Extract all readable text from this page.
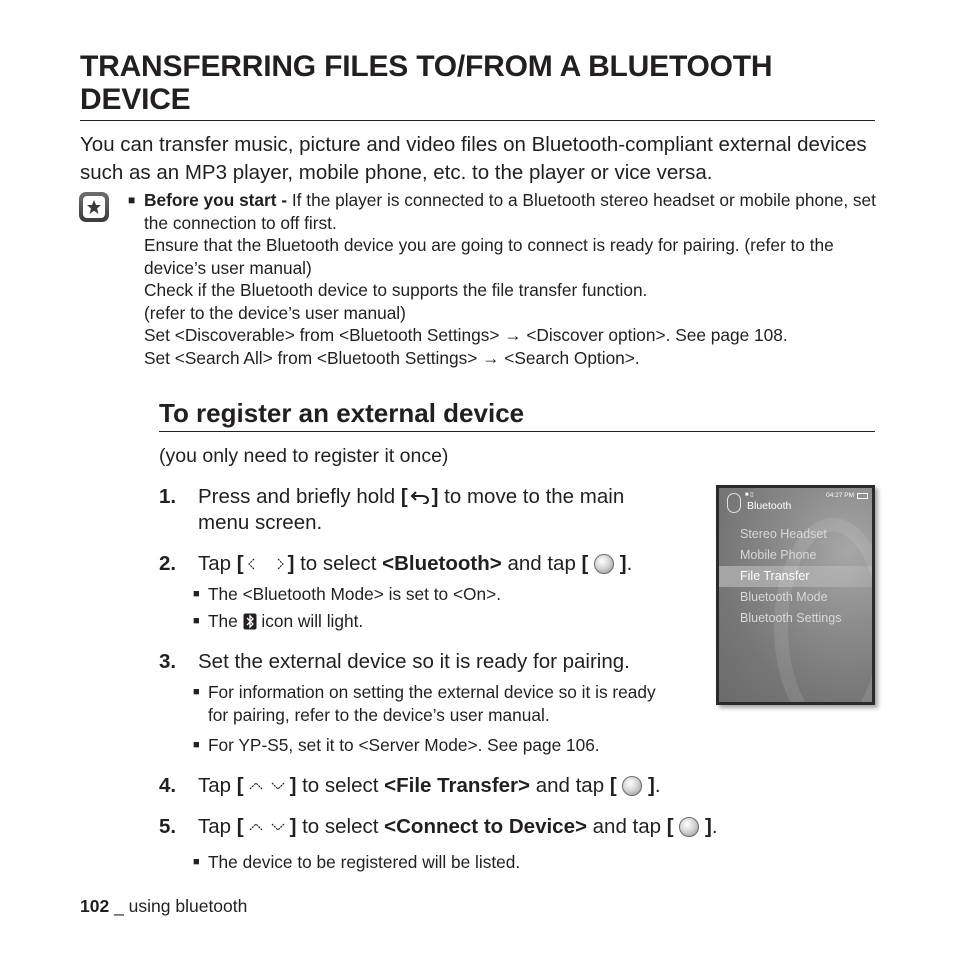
TRANSFERRING FILES TO/FROM A BLUETOOTH DEVICE

You can transfer music, picture and video files on Bluetooth-compliant external devices such as an MP3 player, mobile phone, etc. to the player or vice versa.

■ Before you start - If the player is connected to a Bluetooth stereo headset or mobile phone, set the connection to off first.
Ensure that the Bluetooth device you are going to connect is ready for pairing. (refer to the device’s user manual)
Check if the Bluetooth device to supports the file transfer function.
(refer to the device’s user manual)
Set <Discoverable> from <Bluetooth Settings> → <Discover option>. See page 108.
Set <Search All> from <Bluetooth Settings> → <Search Option>.
To register an external device
(you only need to register it once)
1. Press and briefly hold [ ] to move to the main menu screen.
2. Tap [ ] to select <Bluetooth> and tap [ ].
■ The <Bluetooth Mode> is set to <On>.
■ The  icon will light.
3. Set the external device so it is ready for pairing.
■ For information on setting the external device so it is ready for pairing, refer to the device’s user manual.
■ For YP-S5, set it to <Server Mode>. See page 106.
4. Tap [ ] to select <File Transfer> and tap [ ].
5. Tap [ ] to select <Connect to Device> and tap [ ].
■ The device to be registered will be listed.
■ ▯	04:27 PM
Bluetooth
Stereo Headset
Mobile Phone
File Transfer
Bluetooth Mode
Bluetooth Settings
102 _ using bluetooth
